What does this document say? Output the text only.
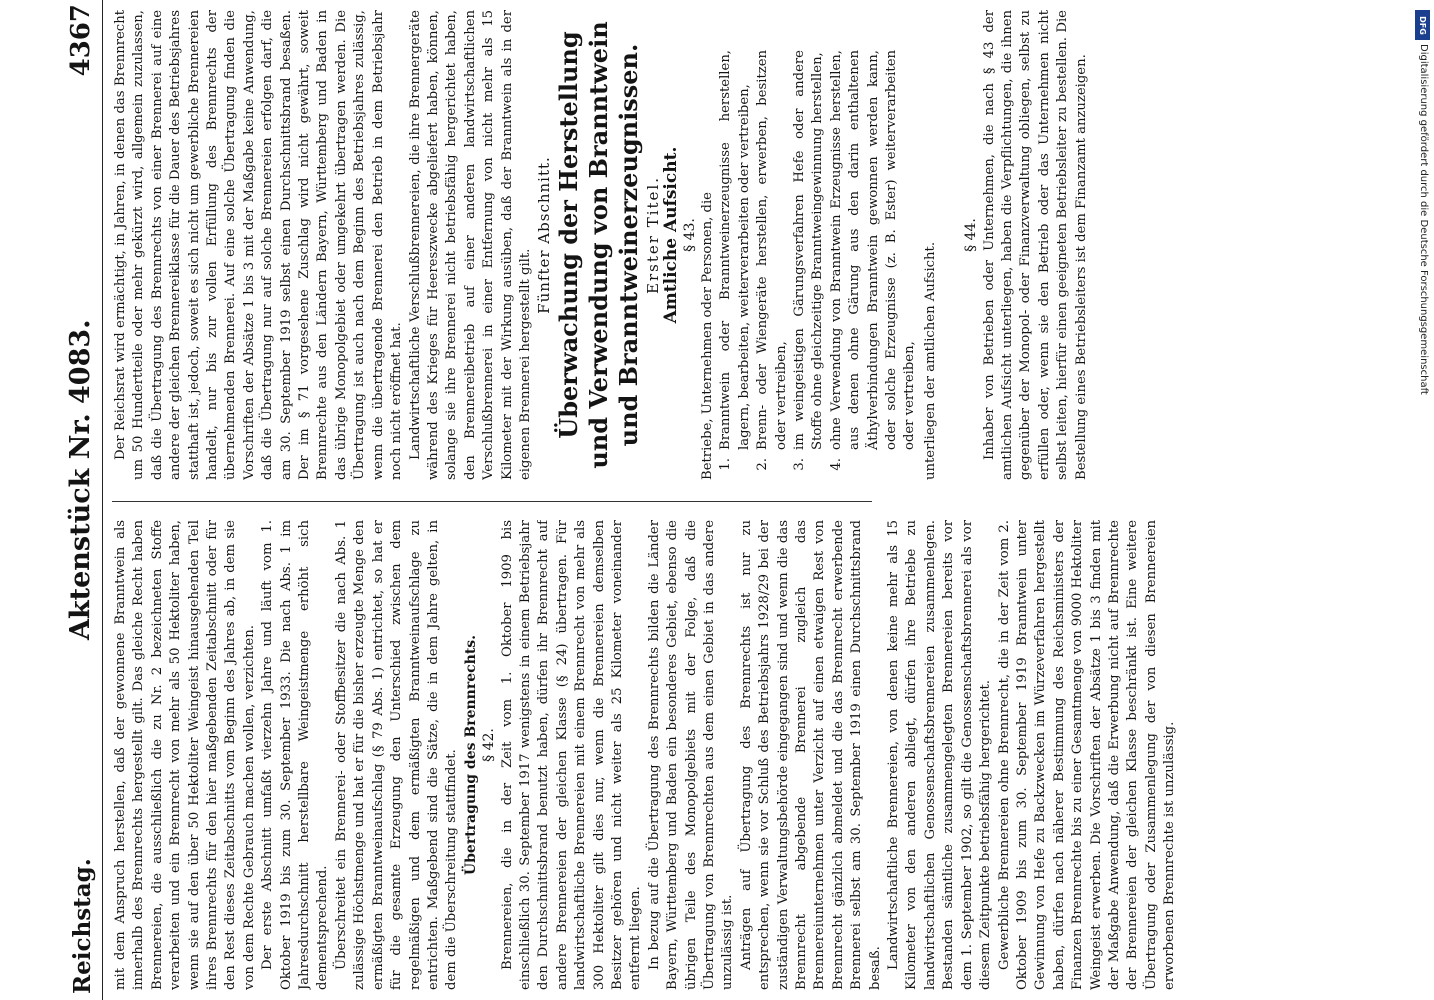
Reichstag.
Aktenstück Nr. 4083.
4367

mit dem Anspruch herstellen, daß der gewonnene Branntwein als innerhalb des Brennrechts hergestellt gilt. Das gleiche Recht haben Brennereien, die ausschließlich die zu Nr. 2 bezeichneten Stoffe verarbeiten und ein Brennrecht von mehr als 50 Hektoliter haben, wenn sie auf den über 50 Hektoliter Weingeist hinausgehenden Teil ihres Brennrechts für den hier maßgebenden Zeitabschnitt oder für den Rest dieses Zeitabschnitts vom Beginn des Jahres ab, in dem sie von dem Rechte Gebrauch machen wollen, verzichten. Der erste Abschnitt umfaßt vierzehn Jahre und läuft vom 1. Oktober 1919 bis zum 30. September 1933. Die nach Abs. 1 im Jahresdurchschnitt herstellbare Weingeistmenge erhöht sich dementsprechend. Überschreitet ein Brennerei- oder Stoffbesitzer die nach Abs. 1 zulässige Höchstmenge und hat er für die bisher erzeugte Menge den ermäßigten Branntweinaufschlag (§ 79 Abs. 1) entrichtet, so hat er für die gesamte Erzeugung den Unterschied zwischen dem regelmäßigen und dem ermäßigten Branntweinaufschlage zu entrichten. Maßgebend sind die Sätze, die in dem Jahre gelten, in dem die Überschreitung stattfindet. Übertragung des Brennrechts. § 42. Brennereien, die in der Zeit vom 1. Oktober 1909 bis einschließlich 30. September 1917 wenigstens in einem Betriebsjahr den Durchschnittsbrand benutzt haben, dürfen ihr Brennrecht auf andere Brennereien der gleichen Klasse (§ 24) übertragen. Für landwirtschaftliche Brennereien mit einem Brennrecht von mehr als 300 Hektoliter gilt dies nur, wenn die Brennereien demselben Besitzer gehören und nicht weiter als 25 Kilometer voneinander entfernt liegen. In bezug auf die Übertragung des Brennrechts bilden die Länder Bayern, Württemberg und Baden ein besonderes Gebiet, ebenso die übrigen Teile des Monopolgebiets mit der Folge, daß die Übertragung von Brennrechten aus dem einen Gebiet in das andere unzulässig ist. Anträgen auf Übertragung des Brennrechts ist nur zu entsprechen, wenn sie vor Schluß des Betriebsjahrs 1928/29 bei der zuständigen Verwaltungsbehörde eingegangen sind und wenn die das Brennrecht abgebende Brennerei zugleich das Brennereiunternehmen unter Verzicht auf einen etwaigen Rest von Brennrecht gänzlich abmeldet und die das Brennrecht erwerbende Brennerei selbst am 30. September 1919 einen Durchschnittsbrand besaß. Landwirtschaftliche Brennereien, von denen keine mehr als 15 Kilometer von den anderen abliegt, dürfen ihre Betriebe zu landwirtschaftlichen Genossenschaftsbrennereien zusammenlegen. Bestanden sämtliche zusammengelegten Brennereien bereits vor dem 1. September 1902, so gilt die Genossenschaftsbrennerei als vor diesem Zeitpunkte betriebsfähig hergerichtet. Gewerbliche Brennereien ohne Brennrecht, die in der Zeit vom 2. Oktober 1909 bis zum 30. September 1919 Branntwein unter Gewinnung von Hefe zu Backzwecken im Würzeverfahren hergestellt haben, dürfen nach näherer Bestimmung des Reichsministers der Finanzen Brennrechte bis zu einer Gesamtmenge von 9000 Hektoliter Weingeist erwerben. Die Vorschriften der Absätze 1 bis 3 finden mit der Maßgabe Anwendung, daß die Erwerbung nicht auf Brennrechte der Brennereien der gleichen Klasse beschränkt ist. Eine weitere Übertragung oder Zusammenlegung der von diesen Brennereien erworbenen Brennrechte ist unzulässig.

Der Reichsrat wird ermächtigt, in Jahren, in denen das Brennrecht um 50 Hundertteile oder mehr gekürzt wird, allgemein zuzulassen, daß die Übertragung des Brennrechts von einer Brennerei auf eine andere der gleichen Brennereiklasse für die Dauer des Betriebsjahres statthaft ist, jedoch, soweit es sich nicht um gewerbliche Brennereien handelt, nur bis zur vollen Erfüllung des Brennrechts der übernehmenden Brennerei. Auf eine solche Übertragung finden die Vorschriften der Absätze 1 bis 3 mit der Maßgabe keine Anwendung, daß die Übertragung nur auf solche Brennereien erfolgen darf, die am 30. September 1919 selbst einen Durchschnittsbrand besaßen. Der im § 71 vorgesehene Zuschlag wird nicht gewährt, soweit Brennrechte aus den Ländern Bayern, Württemberg und Baden in das übrige Monopolgebiet oder umgekehrt übertragen werden. Die Übertragung ist auch nach dem Beginn des Betriebsjahres zulässig, wenn die übertragende Brennerei den Betrieb in dem Betriebsjahr noch nicht eröffnet hat. Landwirtschaftliche Verschlußbrennereien, die ihre Brennergeräte während des Krieges für Heereszwecke abgeliefert haben, können, solange sie ihre Brennerei nicht betriebsfähig hergerichtet haben, den Brennereibetrieb auf einer anderen landwirtschaftlichen Verschlußbrennerei in einer Entfernung von nicht mehr als 15 Kilometer mit der Wirkung ausüben, daß der Branntwein als in der eigenen Brennerei hergestellt gilt.

Fünfter Abschnitt. Überwachung der Herstellung und Verwendung von Branntwein und Branntweinerzeugnissen. Erster Titel. Amtliche Aufsicht. § 43. Betriebe, Unternehmen oder Personen, die 1.
Branntwein oder Branntweinerzeugnisse herstellen, lagern, bearbeiten, weiterverarbeiten oder vertreiben,
2.
Brenn- oder Wiengeräte herstellen, erwerben, besitzen oder vertreiben,
3.
im weingeistigen Gärungsverfahren Hefe oder andere Stoffe ohne gleichzeitige Branntweingewinnung herstellen,
4.
ohne Verwendung von Branntwein Erzeugnisse herstellen, aus denen ohne Gärung aus den darin enthaltenen Äthylverbindungen Branntwein gewonnen werden kann, oder solche Erzeugnisse (z. B. Ester) weiterverarbeiten oder vertreiben, unterliegen der amtlichen Aufsicht.

§ 44. Inhaber von Betrieben oder Unternehmen, die nach § 43 der amtlichen Aufsicht unterliegen, haben die Verpflichtungen, die ihnen gegenüber der Monopol- oder Finanzverwaltung obliegen, selbst zu erfüllen oder, wenn sie den Betrieb oder das Unternehmen nicht selbst leiten, hierfür einen geeigneten Betriebsleiter zu bestellen. Die Bestellung eines Betriebsleiters ist dem Finanzamt anzuzeigen.

DFG
Digitalisierung gefördert durch die Deutsche Forschungsgemeinschaft
